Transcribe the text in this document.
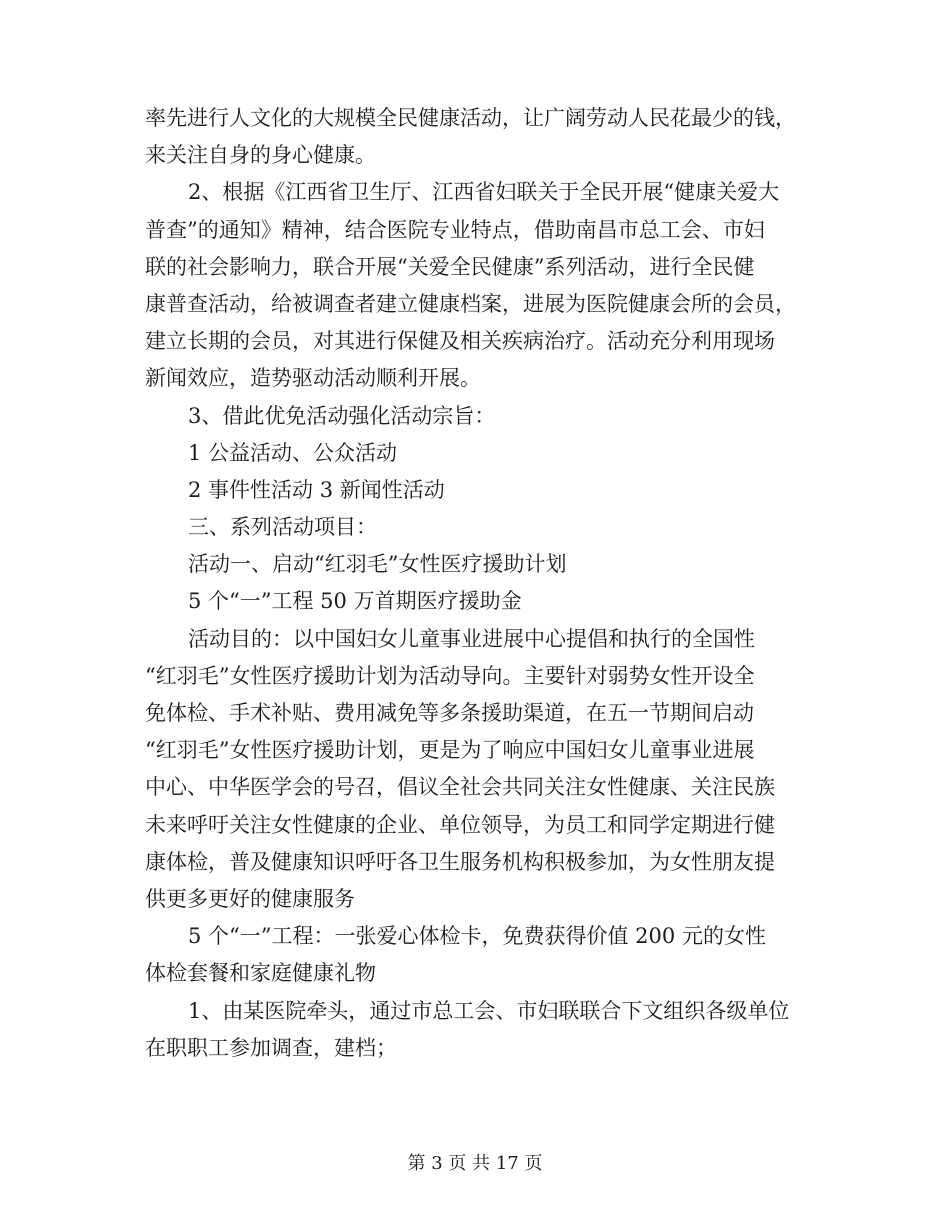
率先进行人文化的大规模全民健康活动，让广阔劳动人民花最少的钱，
来关注自身的身心健康。
2、根据《江西省卫生厅、江西省妇联关于全民开展“健康关爱大
普查”的通知》精神，结合医院专业特点，借助南昌市总工会、市妇
联的社会影响力，联合开展“关爱全民健康”系列活动，进行全民健
康普查活动，给被调查者建立健康档案，进展为医院健康会所的会员，
建立长期的会员，对其进行保健及相关疾病治疗。活动充分利用现场
新闻效应，造势驱动活动顺利开展。
3、借此优免活动强化活动宗旨：
1 公益活动、公众活动
2 事件性活动 3 新闻性活动
三、系列活动项目：
活动一、启动“红羽毛”女性医疗援助计划
5 个“一”工程 50 万首期医疗援助金
活动目的：以中国妇女儿童事业进展中心提倡和执行的全国性
“红羽毛”女性医疗援助计划为活动导向。主要针对弱势女性开设全
免体检、手术补贴、费用减免等多条援助渠道，在五一节期间启动
“红羽毛”女性医疗援助计划，更是为了响应中国妇女儿童事业进展
中心、中华医学会的号召，倡议全社会共同关注女性健康、关注民族
未来呼吁关注女性健康的企业、单位领导，为员工和同学定期进行健
康体检，普及健康知识呼吁各卫生服务机构积极参加，为女性朋友提
供更多更好的健康服务
5 个“一”工程：一张爱心体检卡，免费获得价值 200 元的女性
体检套餐和家庭健康礼物
1、由某医院牵头，通过市总工会、市妇联联合下文组织各级单位
在职职工参加调查，建档；
第 3 页 共 17 页
